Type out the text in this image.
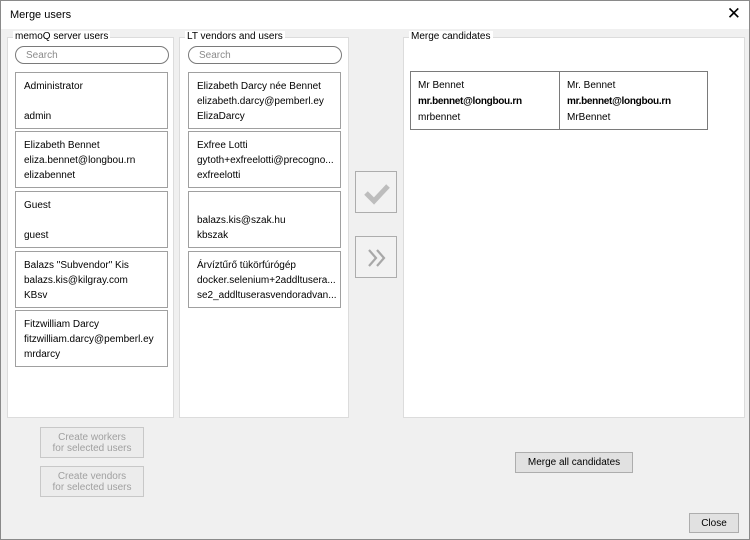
Merge users	✕
memoQ server users
Search
Administrator
admin
Elizabeth Bennet
eliza.bennet@longbou.rn
elizabennet
Guest
guest
Balazs "Subvendor" Kis
balazs.kis@kilgray.com
KBsv
Fitzwilliam Darcy
fitzwilliam.darcy@pemberl.ey
mrdarcy
LT vendors and users
Search
Elizabeth Darcy née Bennet
elizabeth.darcy@pemberl.ey
ElizaDarcy
Exfree Lotti
gytoth+exfreelotti@precogno...
exfreelotti
balazs.kis@szak.hu
kbszak
Árvíztűrő tükörfúrógép
docker.selenium+2addltusera...
se2_addltuserasvendoradvan...
Merge candidates
Mr Bennet
mr.bennet@longbou.rn
mrbennet
Mr. Bennet
mr.bennet@longbou.rn
MrBennet
Create workers
for selected users
Create vendors
for selected users
Merge all candidates
Close
